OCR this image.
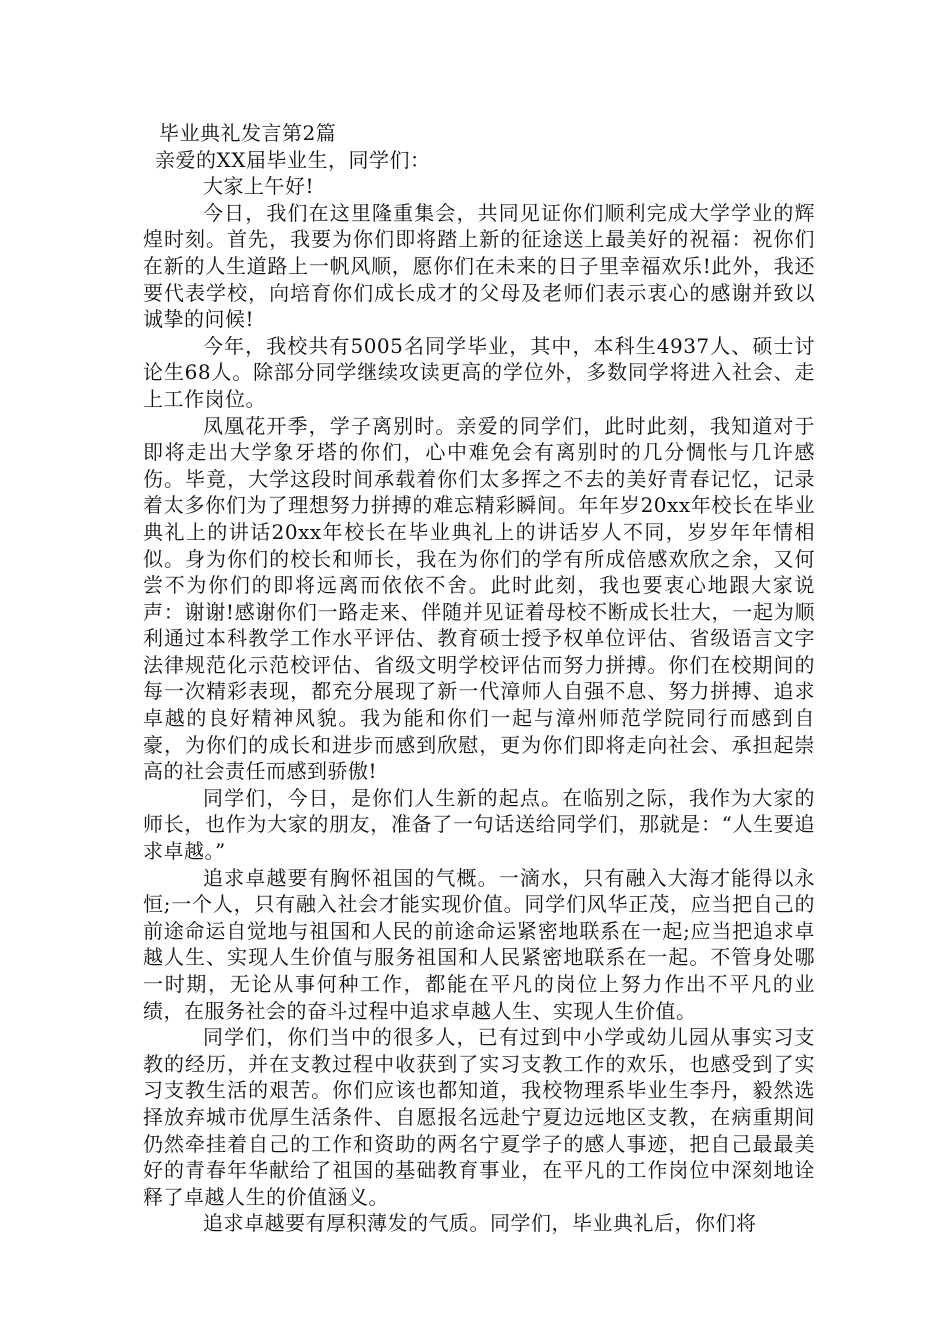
毕业典礼发言第2篇

亲爱的XX届毕业生，同学们：

大家上午好!

今日，我们在这里隆重集会，共同见证你们顺利完成大学学业的辉煌时刻。首先，我要为你们即将踏上新的征途送上最美好的祝福：祝你们在新的人生道路上一帆风顺，愿你们在未来的日子里幸福欢乐!此外，我还要代表学校，向培育你们成长成才的父母及老师们表示衷心的感谢并致以诚挚的问候!

今年，我校共有5005名同学毕业，其中，本科生4937人、硕士讨论生68人。除部分同学继续攻读更高的学位外，多数同学将进入社会、走上工作岗位。

凤凰花开季，学子离别时。亲爱的同学们，此时此刻，我知道对于即将走出大学象牙塔的你们，心中难免会有离别时的几分惆怅与几许感伤。毕竟，大学这段时间承载着你们太多挥之不去的美好青春记忆，记录着太多你们为了理想努力拼搏的难忘精彩瞬间。年年岁20xx年校长在毕业典礼上的讲话20xx年校长在毕业典礼上的讲话岁人不同，岁岁年年情相似。身为你们的校长和师长，我在为你们的学有所成倍感欢欣之余，又何尝不为你们的即将远离而依依不舍。此时此刻，我也要衷心地跟大家说声：谢谢!感谢你们一路走来、伴随并见证着母校不断成长壮大，一起为顺利通过本科教学工作水平评估、教育硕士授予权单位评估、省级语言文字法律规范化示范校评估、省级文明学校评估而努力拼搏。你们在校期间的每一次精彩表现，都充分展现了新一代漳师人自强不息、努力拼搏、追求卓越的良好精神风貌。我为能和你们一起与漳州师范学院同行而感到自豪，为你们的成长和进步而感到欣慰，更为你们即将走向社会、承担起崇高的社会责任而感到骄傲!

同学们，今日，是你们人生新的起点。在临别之际，我作为大家的师长，也作为大家的朋友，准备了一句话送给同学们，那就是：“人生要追求卓越。”

追求卓越要有胸怀祖国的气概。一滴水，只有融入大海才能得以永恒;一个人，只有融入社会才能实现价值。同学们风华正茂，应当把自己的前途命运自觉地与祖国和人民的前途命运紧密地联系在一起;应当把追求卓越人生、实现人生价值与服务祖国和人民紧密地联系在一起。不管身处哪一时期，无论从事何种工作，都能在平凡的岗位上努力作出不平凡的业绩，在服务社会的奋斗过程中追求卓越人生、实现人生价值。

同学们，你们当中的很多人，已有过到中小学或幼儿园从事实习支教的经历，并在支教过程中收获到了实习支教工作的欢乐，也感受到了实习支教生活的艰苦。你们应该也都知道，我校物理系毕业生李丹，毅然选择放弃城市优厚生活条件、自愿报名远赴宁夏边远地区支教，在病重期间仍然牵挂着自己的工作和资助的两名宁夏学子的感人事迹，把自己最最美好的青春年华献给了祖国的基础教育事业，在平凡的工作岗位中深刻地诠释了卓越人生的价值涵义。

追求卓越要有厚积薄发的气质。同学们，毕业典礼后，你们将
